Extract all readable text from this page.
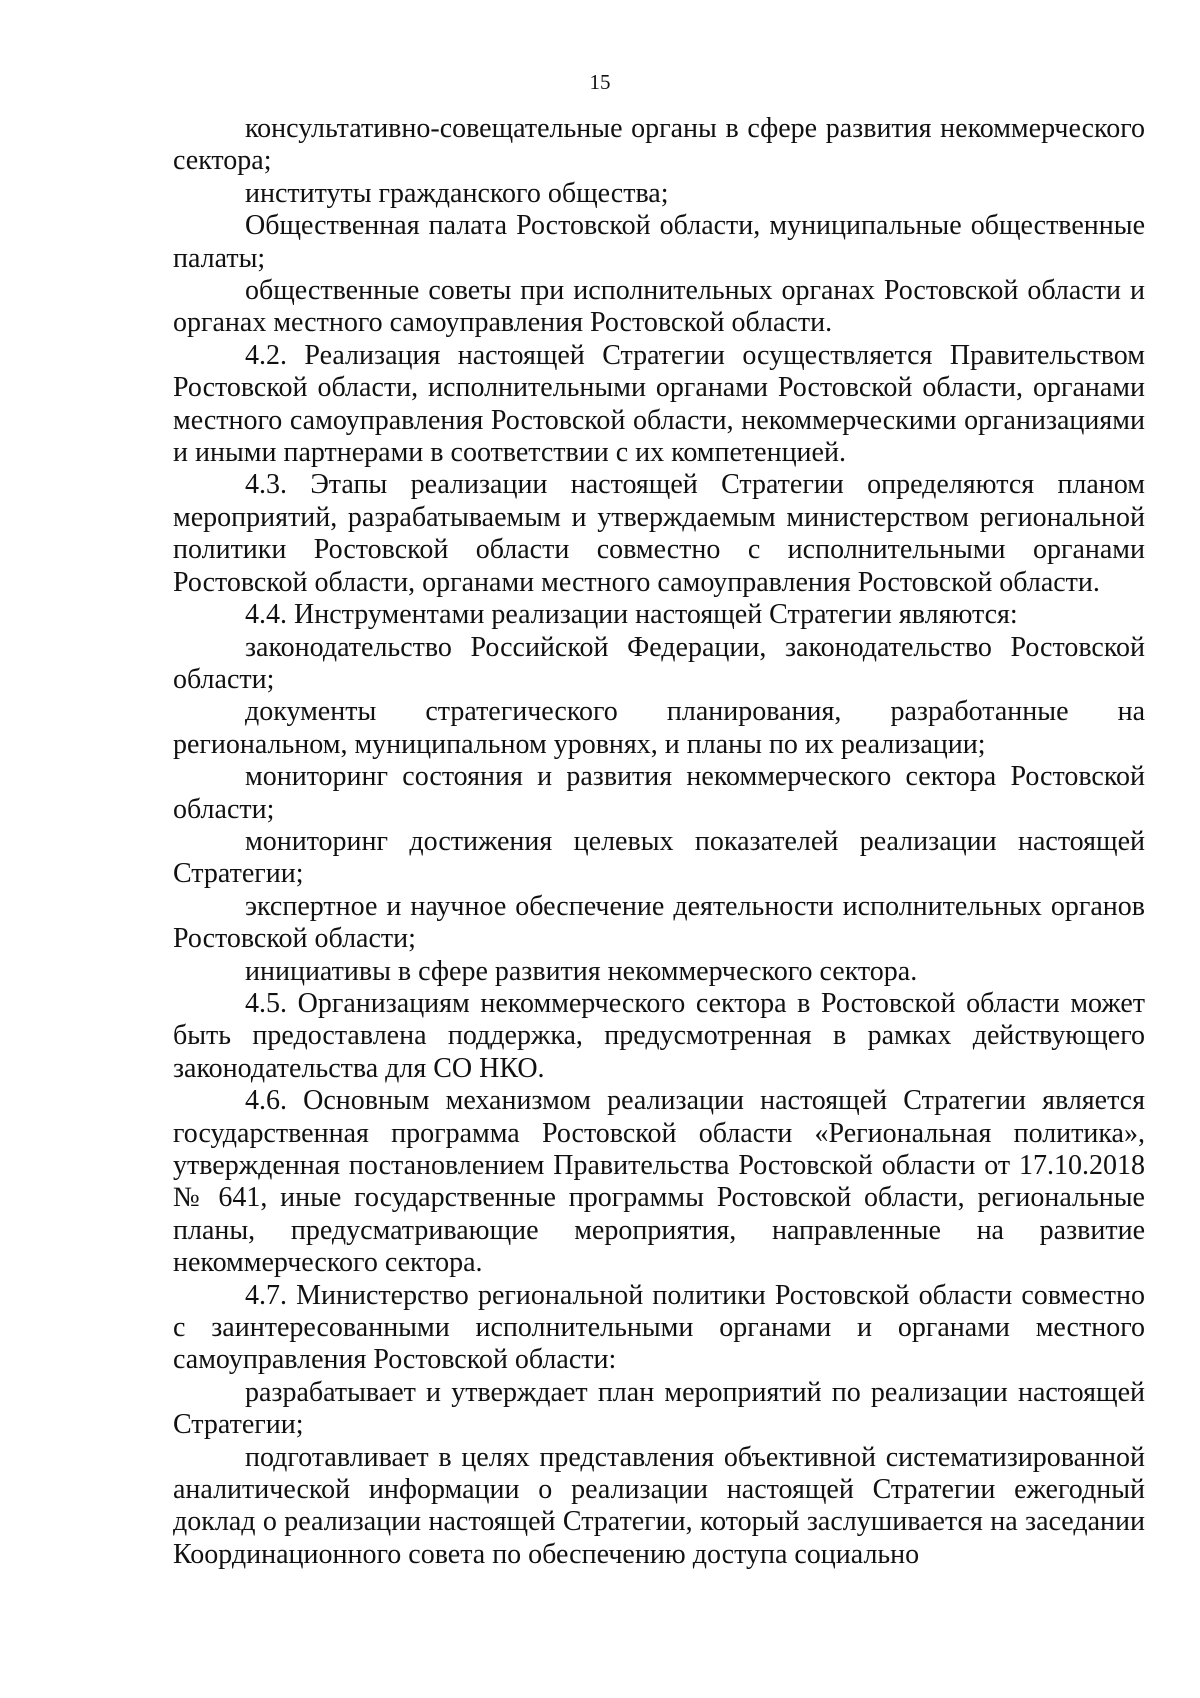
15

консультативно-совещательные органы в сфере развития некоммерческого сектора;

институты гражданского общества;

Общественная палата Ростовской области, муниципальные общественные палаты;

общественные советы при исполнительных органах Ростовской области и органах местного самоуправления Ростовской области.

4.2. Реализация настоящей Стратегии осуществляется Правительством Ростовской области, исполнительными органами Ростовской области, органами местного самоуправления Ростовской области, некоммерческими организациями и иными партнерами в соответствии с их компетенцией.

4.3. Этапы реализации настоящей Стратегии определяются планом мероприятий, разрабатываемым и утверждаемым министерством региональной политики Ростовской области совместно с исполнительными органами Ростовской области, органами местного самоуправления Ростовской области.

4.4. Инструментами реализации настоящей Стратегии являются:

законодательство Российской Федерации, законодательство Ростовской области;

документы стратегического планирования, разработанные на региональном, муниципальном уровнях, и планы по их реализации;

мониторинг состояния и развития некоммерческого сектора Ростовской области;

мониторинг достижения целевых показателей реализации настоящей Стратегии;

экспертное и научное обеспечение деятельности исполнительных органов Ростовской области;

инициативы в сфере развития некоммерческого сектора.

4.5. Организациям некоммерческого сектора в Ростовской области может быть предоставлена поддержка, предусмотренная в рамках действующего законодательства для СО НКО.

4.6. Основным механизмом реализации настоящей Стратегии является государственная программа Ростовской области «Региональная политика», утвержденная постановлением Правительства Ростовской области от 17.10.2018 № 641, иные государственные программы Ростовской области, региональные планы, предусматривающие мероприятия, направленные на развитие некоммерческого сектора.

4.7. Министерство региональной политики Ростовской области совместно с заинтересованными исполнительными органами и органами местного самоуправления Ростовской области:

разрабатывает и утверждает план мероприятий по реализации настоящей Стратегии;

подготавливает в целях представления объективной систематизированной аналитической информации о реализации настоящей Стратегии ежегодный доклад о реализации настоящей Стратегии, который заслушивается на заседании Координационного совета по обеспечению доступа социально
